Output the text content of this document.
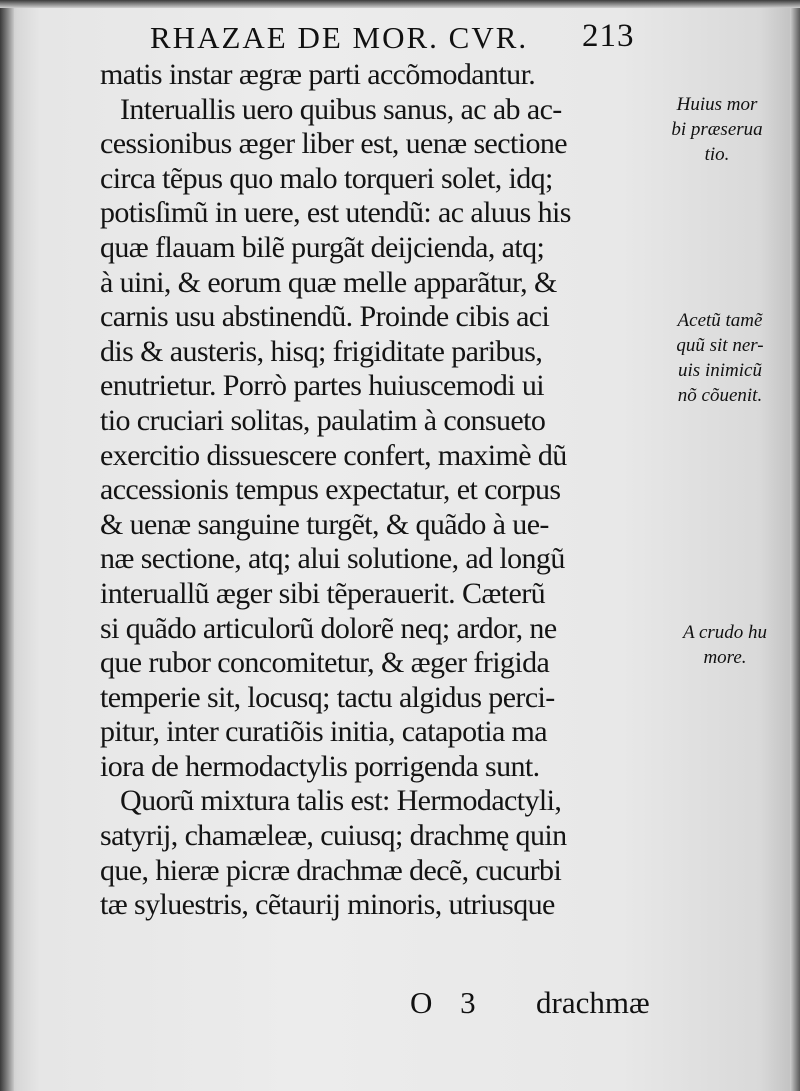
RHAZAE DE MOR. CVR. 213
matis instar ægræ parti accõmodantur.
Interuallis uero quibus sanus, ac ab ac-
cessionibus æger liber est, uenæ sectione
circa tẽpus quo malo torqueri solet, idq;
potisſimũ in uere, est utendũ: ac aluus his
quæ flauam bilẽ purgãt deijcienda, atq;
à uini, & eorum quæ melle apparãtur, &
carnis usu abstinendũ. Proinde cibis aci
dis & austeris, hisq; frigiditate paribus,
enutrietur. Porrò partes huiuscemodi ui
tio cruciari solitas, paulatim à consueto
exercitio dissuescere confert, maximè dũ
accessionis tempus expectatur, et corpus
& uenæ sanguine turgẽt, & quãdo à ue-
næ sectione, atq; alui solutione, ad longũ
interuallũ æger sibi tẽperauerit. Cæterũ
si quãdo articulorũ dolorẽ neq; ardor, ne
que rubor concomitetur, & æger frigida
temperie sit, locusq; tactu algidus perci-
pitur, inter curatiõis initia, catapotia ma
iora de hermodactylis porrigenda sunt.
Quorũ mixtura talis est: Hermodactyli,
satyrij, chamæleæ, cuiusq; drachmę quin
que, hieræ picræ drachmæ decẽ, cucurbi
tæ syluestris, cẽtaurij minoris, utriusque
Huius mor
bi præserua
tio.
Acetũ tamẽ
quũ sit ner-
uis inimicũ
nõ cõuenit.
A crudo hu
more.
O 3 drachmæ
